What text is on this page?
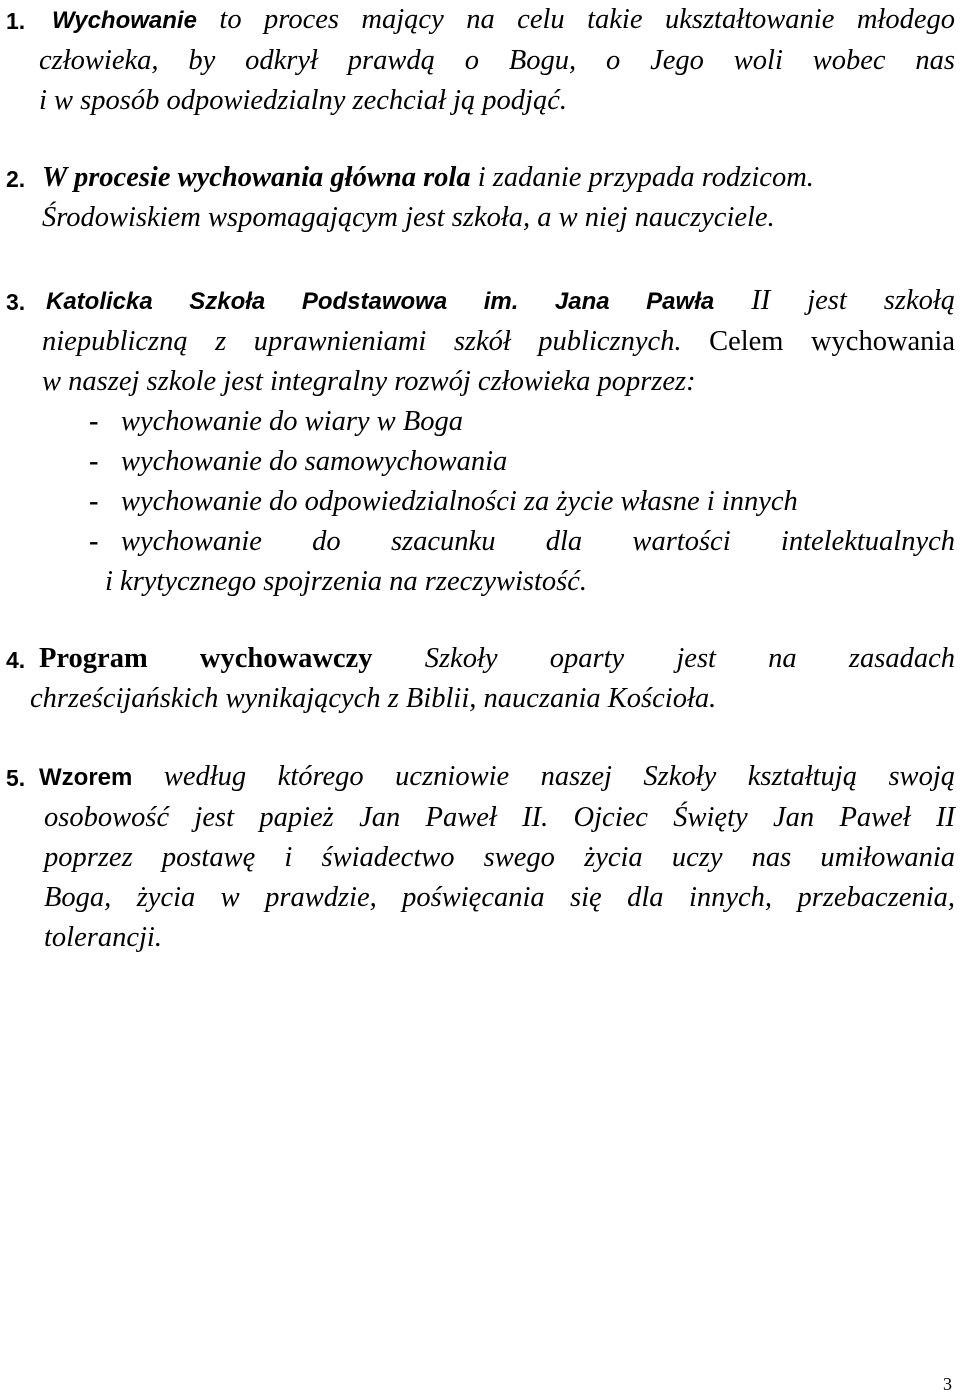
1.	Wychowanie to proces mający na celu takie ukształtowanie młodego
człowieka, by odkrył prawdą o Bogu, o Jego woli wobec nas
i w sposób odpowiedzialny zechciał ją podjąć.
2. W procesie wychowania główna rola i zadanie przypada rodzicom.
Środowiskiem wspomagającym jest szkoła, a w niej nauczyciele.
3. Katolicka Szkoła Podstawowa im. Jana Pawła II jest szkołą
niepubliczną z uprawnieniami szkół publicznych. Celem wychowania
w naszej szkole jest integralny rozwój człowieka poprzez:
- wychowanie do wiary w Boga
- wychowanie do samowychowania
- wychowanie do odpowiedzialności za życie własne i innych
- wychowanie do szacunku dla wartości intelektualnych
i krytycznego spojrzenia na rzeczywistość.
4. Program wychowawczy Szkoły oparty jest na zasadach
chrześcijańskich wynikających z Biblii, nauczania Kościoła.
5. Wzorem według którego uczniowie naszej Szkoły kształtują swoją
osobowość jest papież Jan Paweł II. Ojciec Święty Jan Paweł II
poprzez postawę i świadectwo swego życia uczy nas umiłowania
Boga, życia w prawdzie, poświęcania się dla innych, przebaczenia,
tolerancji.
3
